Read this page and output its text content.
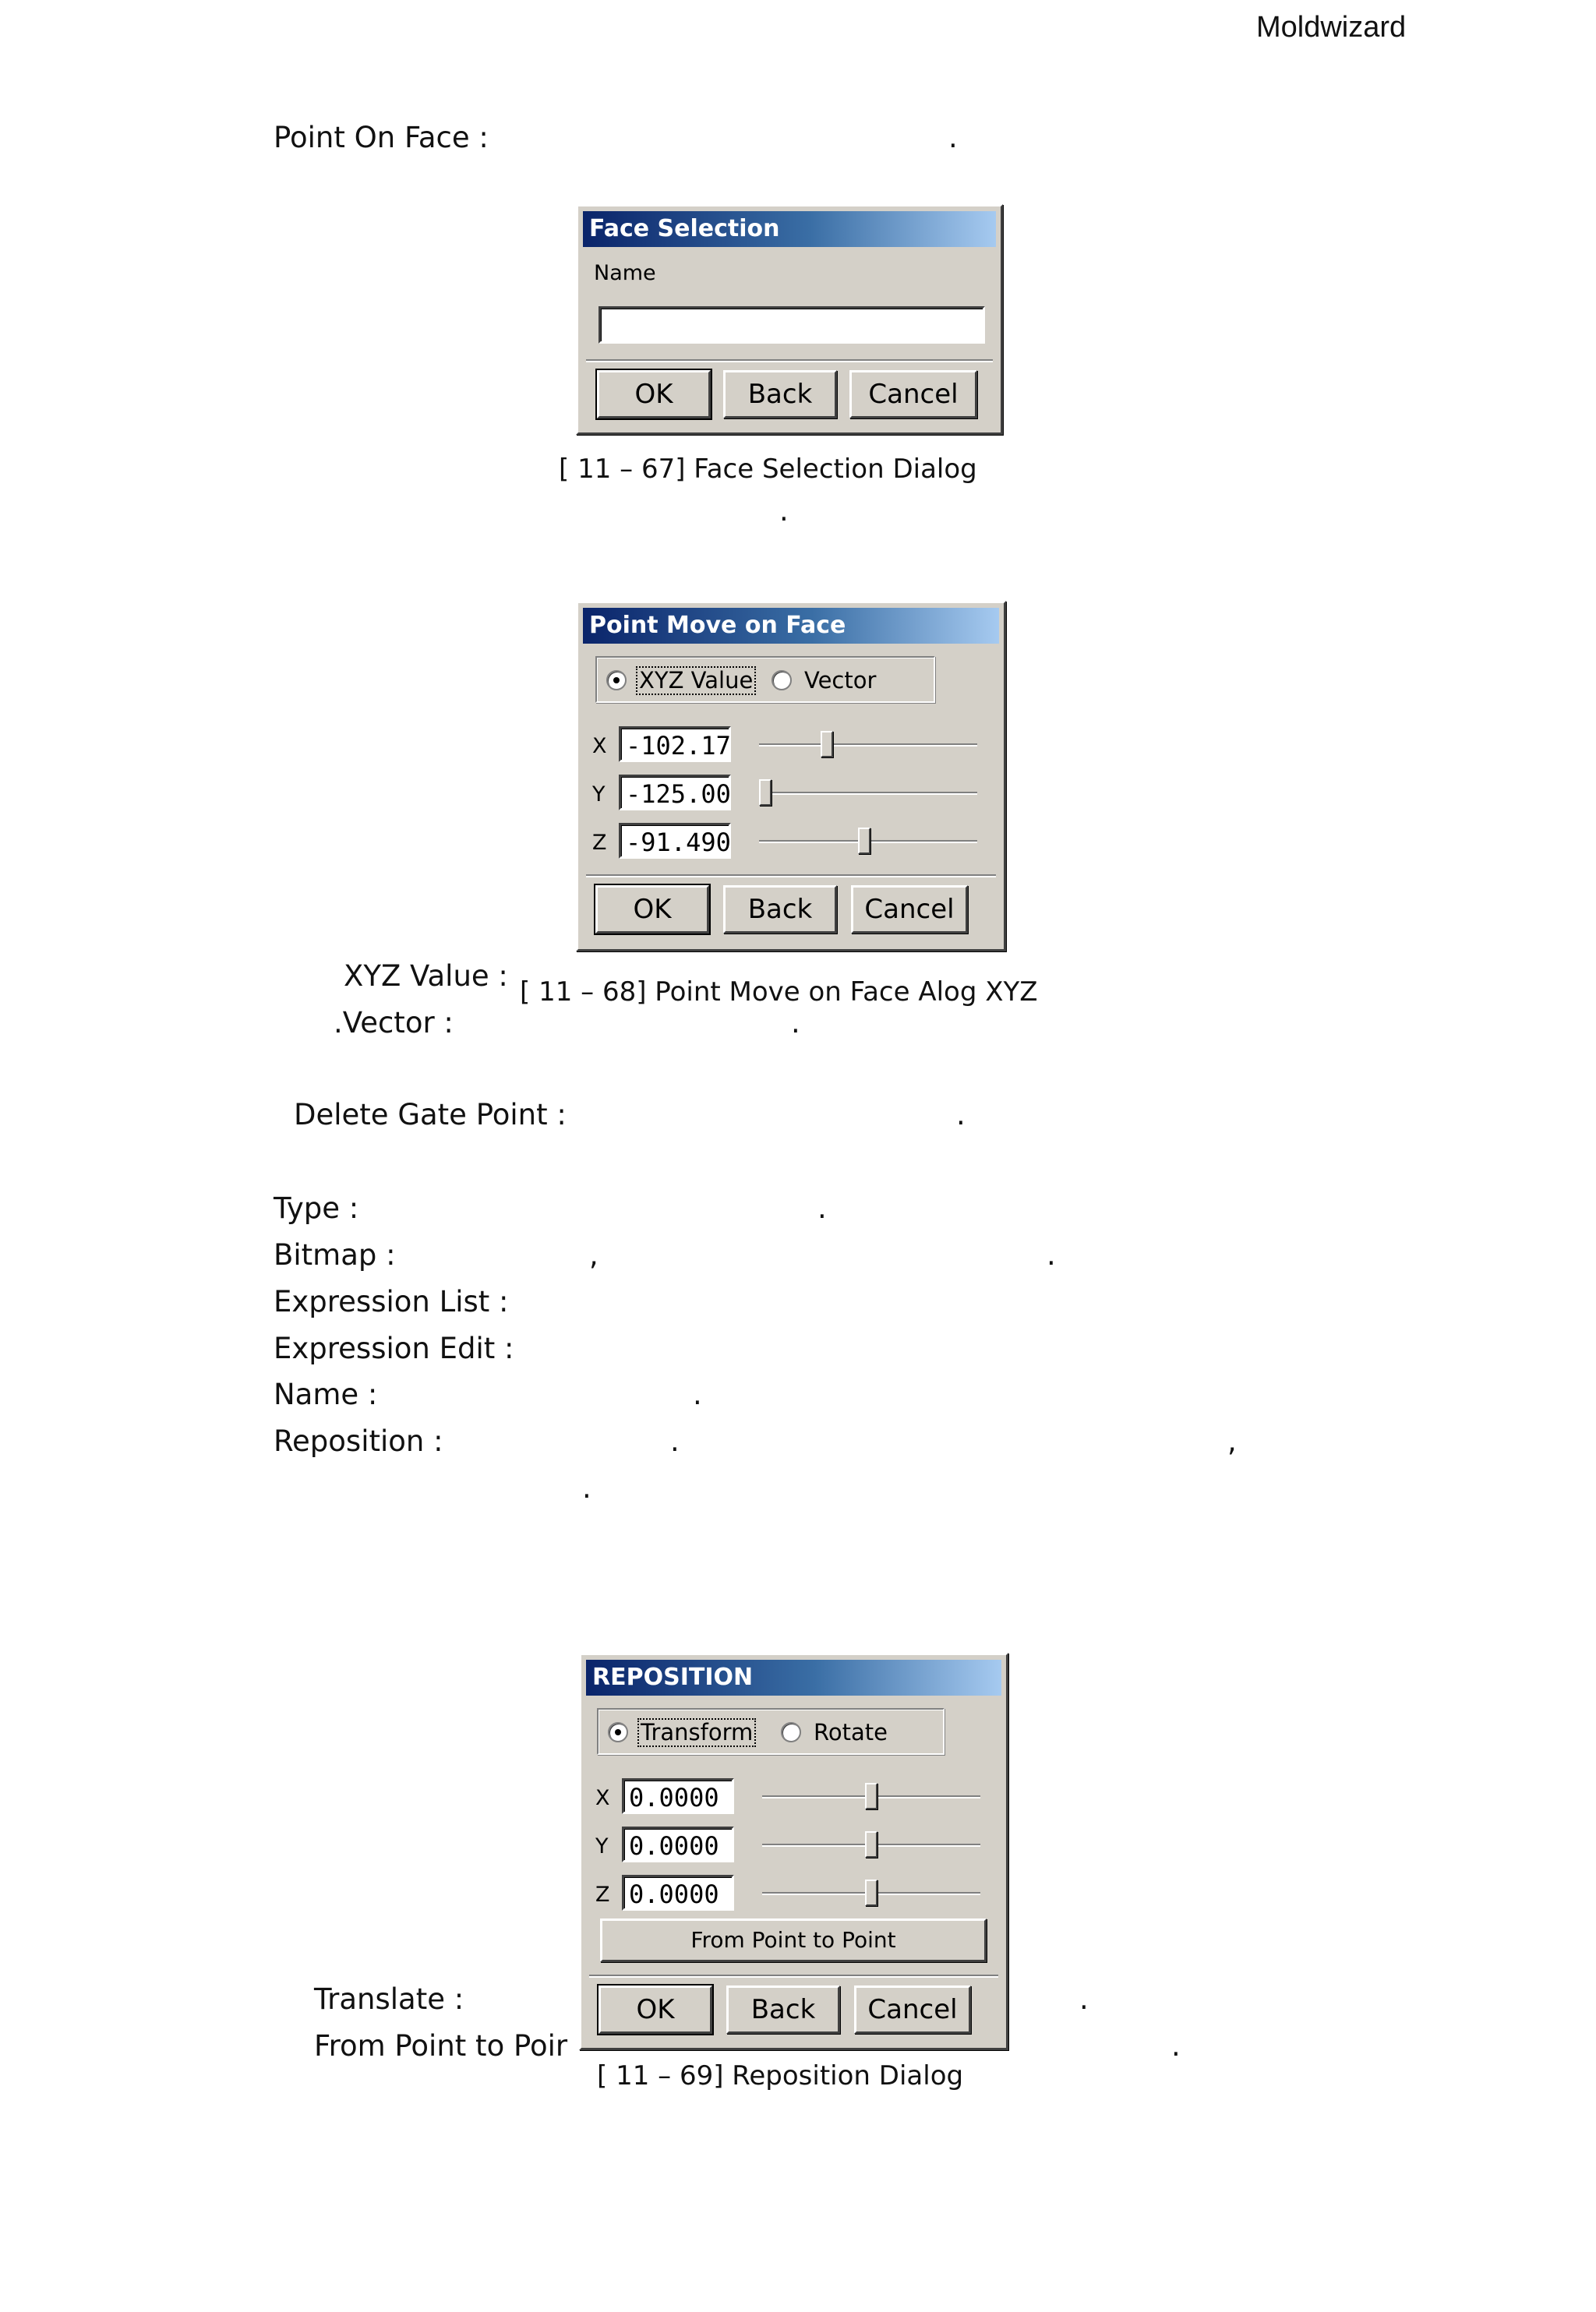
Moldwizard
Point On Face :	.
Face Selection
Name
OK	Back	Cancel
[ 11 – 67] Face Selection Dialog
.
Point Move on Face
XYZ Value Vector
X -102.17
Y -125.00
Z -91.490
OK	Back	Cancel
XYZ Value : [ 11 – 68] Point Move on Face Alog XYZ
.Vector :	.
Delete Gate Point :	.
Type :	.
Bitmap :	,	.
Expression List :
Expression Edit :
Name :	.
Reposition :	.	,
.
Translate :	.
From Point to Poir	.
REPOSITION
Transform	Rotate
X 0.0000
Y 0.0000
Z 0.0000
From Point to Point
OK	Back	Cancel
[ 11 – 69] Reposition Dialog
